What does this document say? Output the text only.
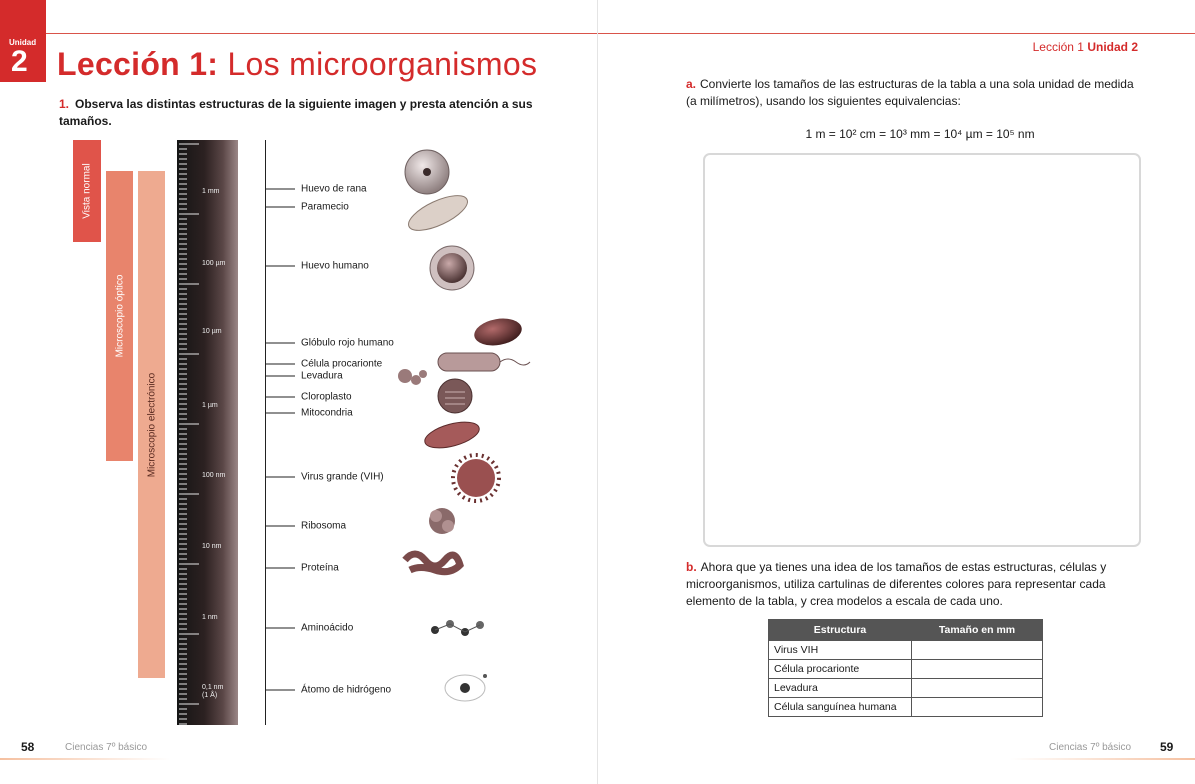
Unidad
2 Lección 1: Los microorganismos
1. Observa las distintas estructuras de la siguiente imagen y presta atención a sus tamaños.
Vista normal
Microscopio óptico
Microscopio electrónico
1 mm
100 µm
10 µm
1 µm
100 nm
10 nm
1 nm
0,1 nm
(1 Å)
Huevo de rana
Paramecio
Huevo humano
Glóbulo rojo humano
Célula procarionte
Levadura
Cloroplasto
Mitocondria
Virus grande (VIH)
Ribosoma
Proteína
Aminoácido
Átomo de hidrógeno
58	Ciencias 7º básico
Lección 1 Unidad 2
a. Convierte los tamaños de las estructuras de la tabla a una sola unidad de medida (a milímetros), usando los siguientes equivalencias:
1 m = 10² cm = 10³ mm = 10⁴ µm = 10⁵ nm
b. Ahora que ya tienes una idea de los tamaños de estas estructuras, células y microorganismos, utiliza cartulinas de diferentes colores para representar cada elemento de la tabla, y crea modelos a escala de cada uno.
Estructura	Tamaño en mm
Virus VIH	
Célula procarionte	
Levadura	
Célula sanguínea humana	
Ciencias 7º básico 59
